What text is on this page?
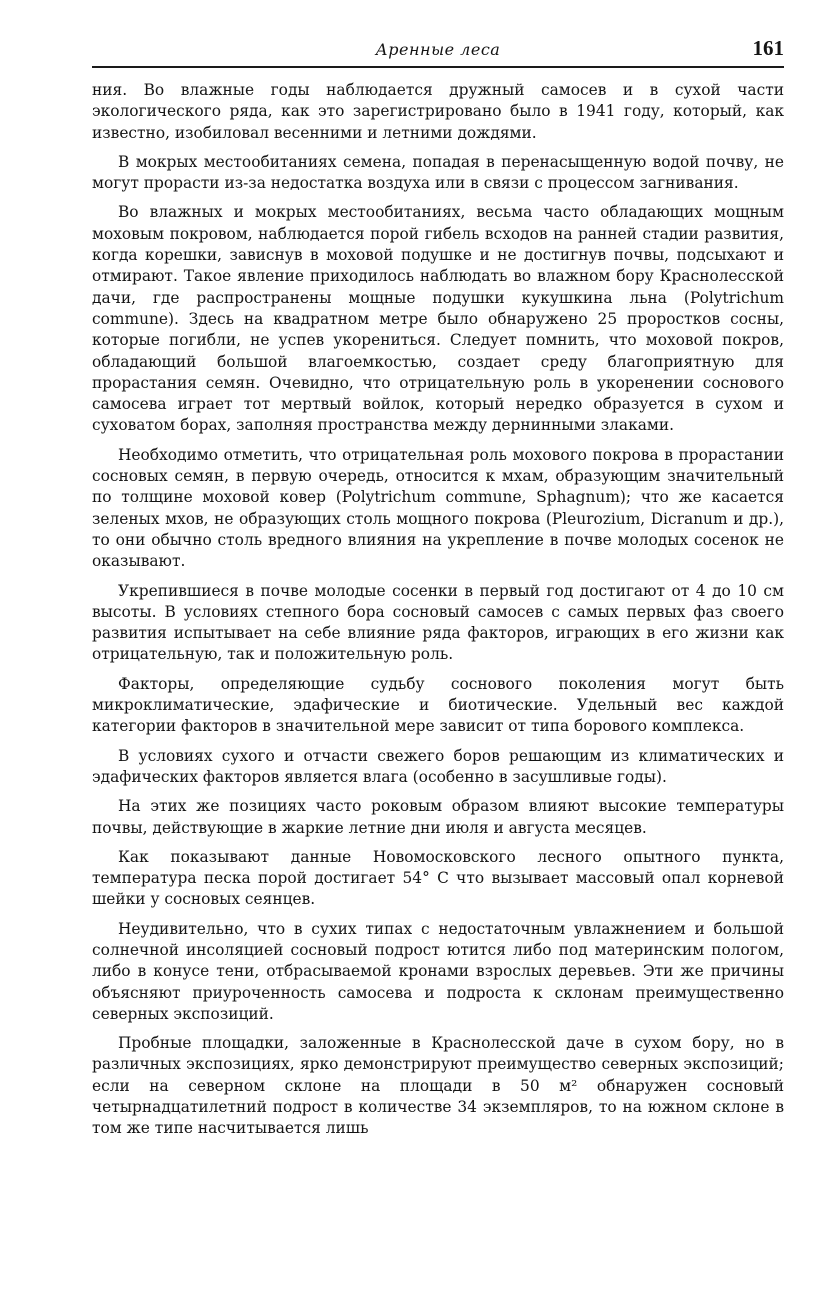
Аренные леса	161

ния. Во влажные годы наблюдается дружный самосев и в сухой части экологического ряда, как это зарегистрировано было в 1941 году, который, как известно, изобиловал весенними и летними дождями.

В мокрых местообитаниях семена, попадая в перенасыщенную водой почву, не могут прорасти из-за недостатка воздуха или в связи с процессом загнивания.

Во влажных и мокрых местообитаниях, весьма часто обладающих мощным моховым покровом, наблюдается порой гибель всходов на ранней стадии развития, когда корешки, зависнув в моховой подушке и не достигнув почвы, подсыхают и отмирают. Такое явление приходилось наблюдать во влажном бору Краснолесской дачи, где распространены мощные подушки кукушкина льна (Polytrichum commune). Здесь на квадратном метре было обнаружено 25 проростков сосны, которые погибли, не успев укорениться. Следует помнить, что моховой покров, обладающий большой влагоемкостью, создает среду благоприятную для прорастания семян. Очевидно, что отрицательную роль в укоренении соснового самосева играет тот мертвый войлок, который нередко образуется в сухом и суховатом борах, заполняя пространства между дернинными злаками.

Необходимо отметить, что отрицательная роль мохового покрова в прорастании сосновых семян, в первую очередь, относится к мхам, образующим значительный по толщине моховой ковер (Polytrichum commune, Sphagnum); что же касается зеленых мхов, не образующих столь мощного покрова (Pleurozium, Dicranum и др.), то они обычно столь вредного влияния на укрепление в почве молодых сосенок не оказывают.

Укрепившиеся в почве молодые сосенки в первый год достигают от 4 до 10 см высоты. В условиях степного бора сосновый самосев с самых первых фаз своего развития испытывает на себе влияние ряда факторов, играющих в его жизни как отрицательную, так и положительную роль.

Факторы, определяющие судьбу соснового поколения могут быть микроклиматические, эдафические и биотические. Удельный вес каждой категории факторов в значительной мере зависит от типа борового комплекса.

В условиях сухого и отчасти свежего боров решающим из климатических и эдафических факторов является влага (особенно в засушливые годы).

На этих же позициях часто роковым образом влияют высокие температуры почвы, действующие в жаркие летние дни июля и августа месяцев.

Как показывают данные Новомосковского лесного опытного пункта, температура песка порой достигает 54° С что вызывает массовый опал корневой шейки у сосновых сеянцев.

Неудивительно, что в сухих типах с недостаточным увлажнением и большой солнечной инсоляцией сосновый подрост ютится либо под материнским пологом, либо в конусе тени, отбрасываемой кронами взрослых деревьев. Эти же причины объясняют приуроченность самосева и подроста к склонам преимущественно северных экспозиций.

Пробные площадки, заложенные в Краснолесской даче в сухом бору, но в различных экспозициях, ярко демонстрируют преимущество северных экспозиций; если на северном склоне на площади в 50 м² обнаружен сосновый четырнадцатилетний подрост в количестве 34 экземпляров, то на южном склоне в том же типе насчитывается лишь
